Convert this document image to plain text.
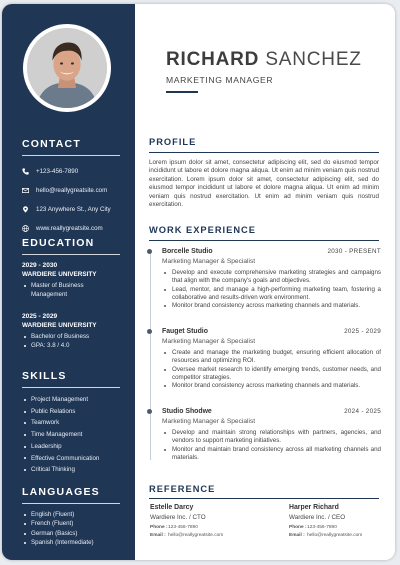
CONTACT
+123-456-7890
hello@reallygreatsite.com
123 Anywhere St., Any City
www.reallygreatsite.com
EDUCATION
2029 - 2030
WARDIERE UNIVERSITY
Master of Business
Management
2025 - 2029
WARDIERE UNIVERSITY
Bachelor of Business
GPA: 3.8 / 4.0
SKILLS
Project Management
Public Relations
Teamwork
Time Management
Leadership
Effective Communication
Critical Thinking
LANGUAGES
English (Fluent)
French (Fluent)
German (Basics)
Spanish (Intermediate)
RICHARD SANCHEZ
MARKETING MANAGER
PROFILE
Lorem ipsum dolor sit amet, consectetur adipiscing elit, sed do eiusmod tempor incididunt ut labore et dolore magna aliqua. Ut enim ad minim veniam quis nostrud exercitation. Lorem ipsum dolor sit amet, consectetur adipiscing elit, sed do eiusmod tempor incididunt ut labore et dolore magna aliqua. Ut enim ad minim veniam quis nostrud exercitation. Ut enim ad minim veniam quis nostrud exercitation.
WORK EXPERIENCE
Borcelle Studio	2030 - PRESENT
Marketing Manager & Specialist
Develop and execute comprehensive marketing strategies and campaigns that align with the company's goals and objectives.
Lead, mentor, and manage a high-performing marketing team, fostering a collaborative and results-driven work environment.
Monitor brand consistency across marketing channels and materials.
Fauget Studio	2025 - 2029
Marketing Manager & Specialist
Create and manage the marketing budget, ensuring efficient allocation of resources and optimizing ROI.
Oversee market research to identify emerging trends, customer needs, and competitor strategies.
Monitor brand consistency across marketing channels and materials.
Studio Shodwe	2024 - 2025
Marketing Manager & Specialist
Develop and maintain strong relationships with partners, agencies, and vendors to support marketing initiatives.
Monitor and maintain brand consistency across all marketing channels and materials.
REFERENCE
Estelle Darcy
Wardiere Inc. / CTO
Phone :123-456-7890
Email : hello@reallygreatsite.com
Harper Richard
Wardiere Inc. / CEO
Phone :123-456-7890
Email : hello@reallygreatsite.com
